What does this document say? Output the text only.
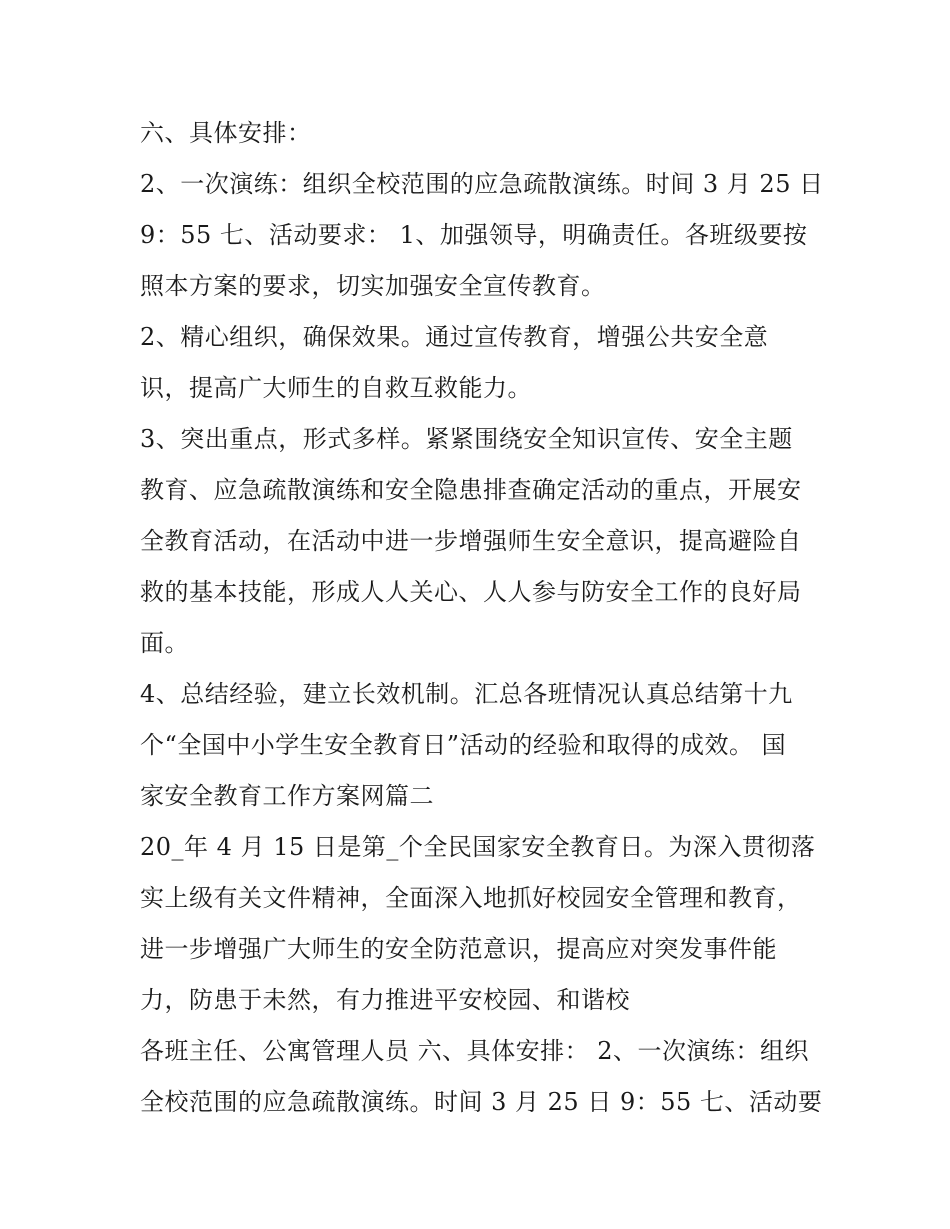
六、具体安排：
2、一次演练：组织全校范围的应急疏散演练。时间 3 月 25 日
9：55 七、活动要求： 1、加强领导，明确责任。各班级要按
照本方案的要求，切实加强安全宣传教育。
2、精心组织，确保效果。通过宣传教育，增强公共安全意
识，提高广大师生的自救互救能力。
3、突出重点，形式多样。紧紧围绕安全知识宣传、安全主题
教育、应急疏散演练和安全隐患排查确定活动的重点，开展安
全教育活动，在活动中进一步增强师生安全意识，提高避险自
救的基本技能，形成人人关心、人人参与防安全工作的良好局
面。
4、总结经验，建立长效机制。汇总各班情况认真总结第十九
个“全国中小学生安全教育日”活动的经验和取得的成效。 国
家安全教育工作方案网篇二
20_年 4 月 15 日是第_个全民国家安全教育日。为深入贯彻落
实上级有关文件精神，全面深入地抓好校园安全管理和教育，
进一步增强广大师生的安全防范意识，提高应对突发事件能
力，防患于未然，有力推进平安校园、和谐校
各班主任、公寓管理人员 六、具体安排： 2、一次演练：组织
全校范围的应急疏散演练。时间 3 月 25 日 9：55 七、活动要
